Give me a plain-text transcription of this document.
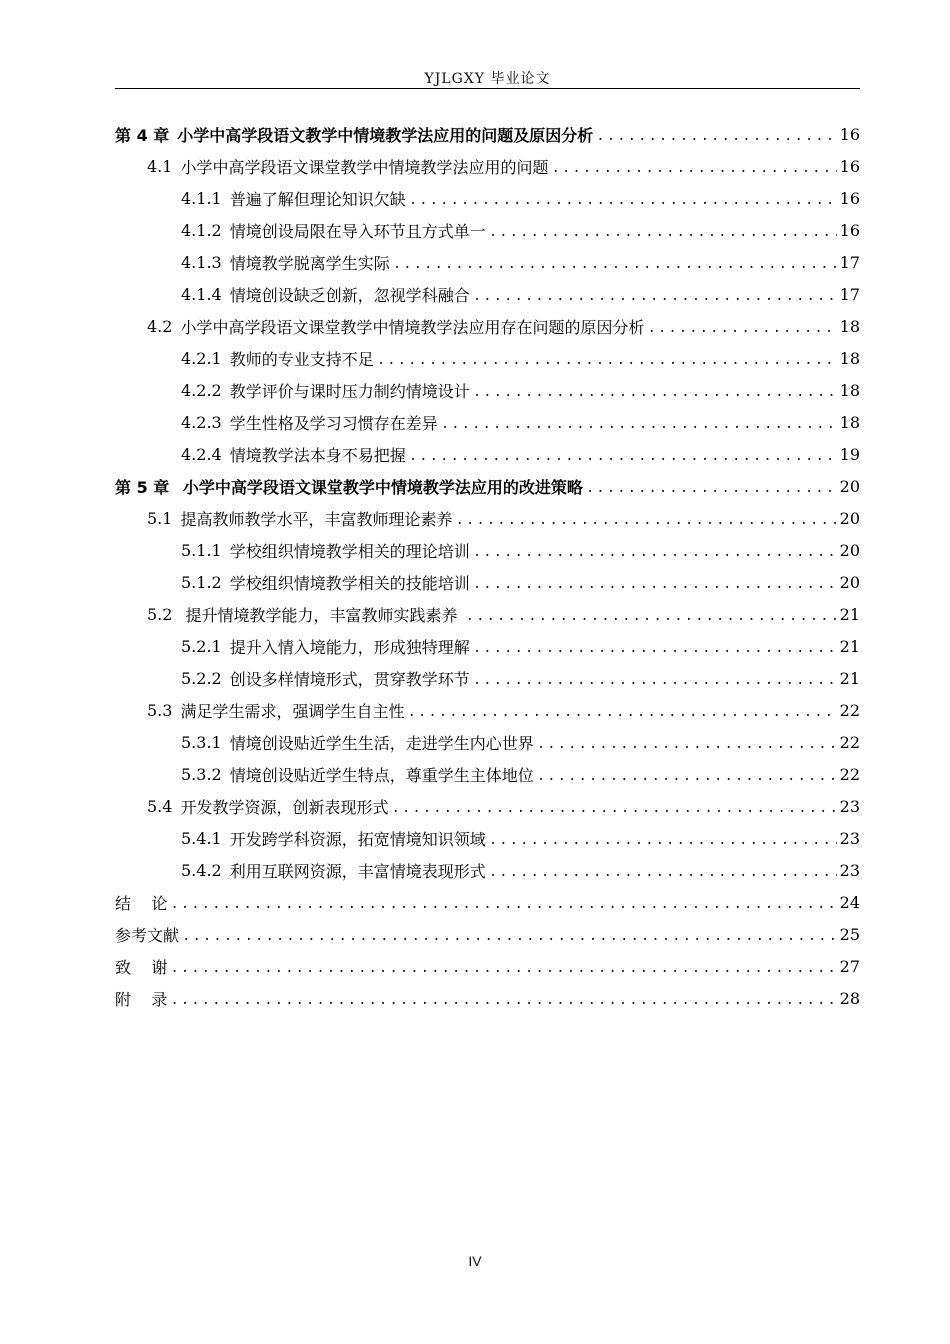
YJLGXY 毕业论文
第 4 章 小学中高学段语文教学中情境教学法应用的问题及原因分析 .....	16
4.1 小学中高学段语文课堂教学中情境教学法应用的问题 .....	16
4.1.1 普遍了解但理论知识欠缺 .....	16
4.1.2 情境创设局限在导入环节且方式单一 .....	16
4.1.3 情境教学脱离学生实际 .....	17
4.1.4 情境创设缺乏创新，忽视学科融合 .....	17
4.2 小学中高学段语文课堂教学中情境教学法应用存在问题的原因分析 .....	18
4.2.1 教师的专业支持不足 .....	18
4.2.2 教学评价与课时压力制约情境设计 .....	18
4.2.3 学生性格及学习习惯存在差异 .....	18
4.2.4 情境教学法本身不易把握 .....	19
第 5 章 小学中高学段语文课堂教学中情境教学法应用的改进策略 .....	20
5.1 提高教师教学水平，丰富教师理论素养 .....	20
5.1.1 学校组织情境教学相关的理论培训 .....	20
5.1.2 学校组织情境教学相关的技能培训 .....	20
5.2 提升情境教学能力，丰富教师实践素养 .....	21
5.2.1 提升入情入境能力，形成独特理解 .....	21
5.2.2 创设多样情境形式，贯穿教学环节 .....	21
5.3 满足学生需求，强调学生自主性 .....	22
5.3.1 情境创设贴近学生生活，走进学生内心世界 .....	22
5.3.2 情境创设贴近学生特点，尊重学生主体地位 .....	22
5.4 开发教学资源，创新表现形式 .....	23
5.4.1 开发跨学科资源，拓宽情境知识领域 .....	23
5.4.2 利用互联网资源，丰富情境表现形式 .....	23
结    论 .....	24
参考文献 .....	25
致    谢 .....	27
附    录 .....	28
IV
